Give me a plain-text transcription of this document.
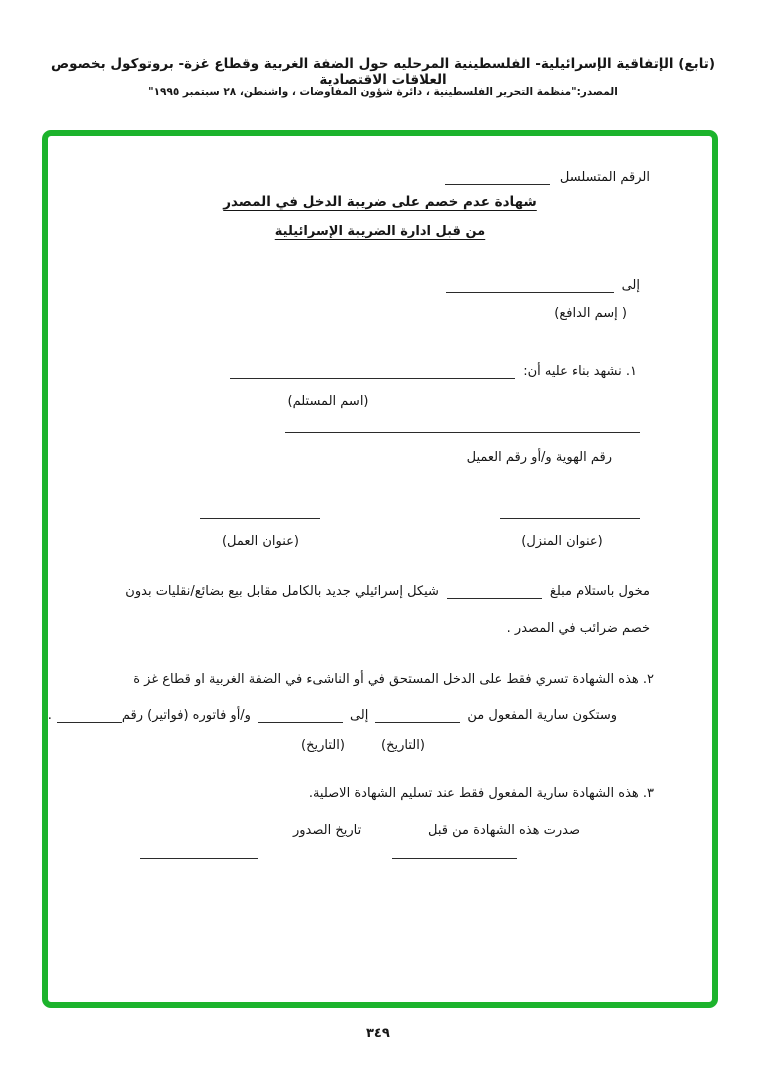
(تابع) الإتفاقية الإسرائيلية- الفلسطينية المرحليه حول الضفة الغربية وقطاع غزة- بروتوكول بخصوص العلاقات الاقتصادية
المصدر:"منظمة التحرير الفلسطينية ، دائرة شؤون المفاوضات ، واشنطن، ٢٨ سبتمبر ١٩٩٥"
الرقم المتسلسل
شهادة عدم خصم على ضريبة الدخل في المصدر
من قبل ادارة الضريبة الإسرائيلية
إلى
( إسم الدافع)
١. نشهد بناء عليه أن:
(اسم المستلم)
رقم الهوية و/أو رقم العميل
(عنوان المنزل)
(عنوان العمل)
مخول باستلام مبلغ
شيكل إسرائيلي جديد بالكامل مقابل بيع بضائع/نقليات بدون
خصم ضرائب في المصدر .
٢. هذه الشهادة تسري فقط على الدخل المستحق في أو الناشىء في الضفة الغربية او قطاع غز ة
وستكون سارية المفعول من
إلى
و/أو فاتوره (فواتير) رقم
.
(التاريخ)
(التاريخ)
٣. هذه الشهادة سارية المفعول فقط عند تسليم الشهادة الاصلية.
صدرت هذه الشهادة من قبل
تاريخ الصدور
٣٤٩
